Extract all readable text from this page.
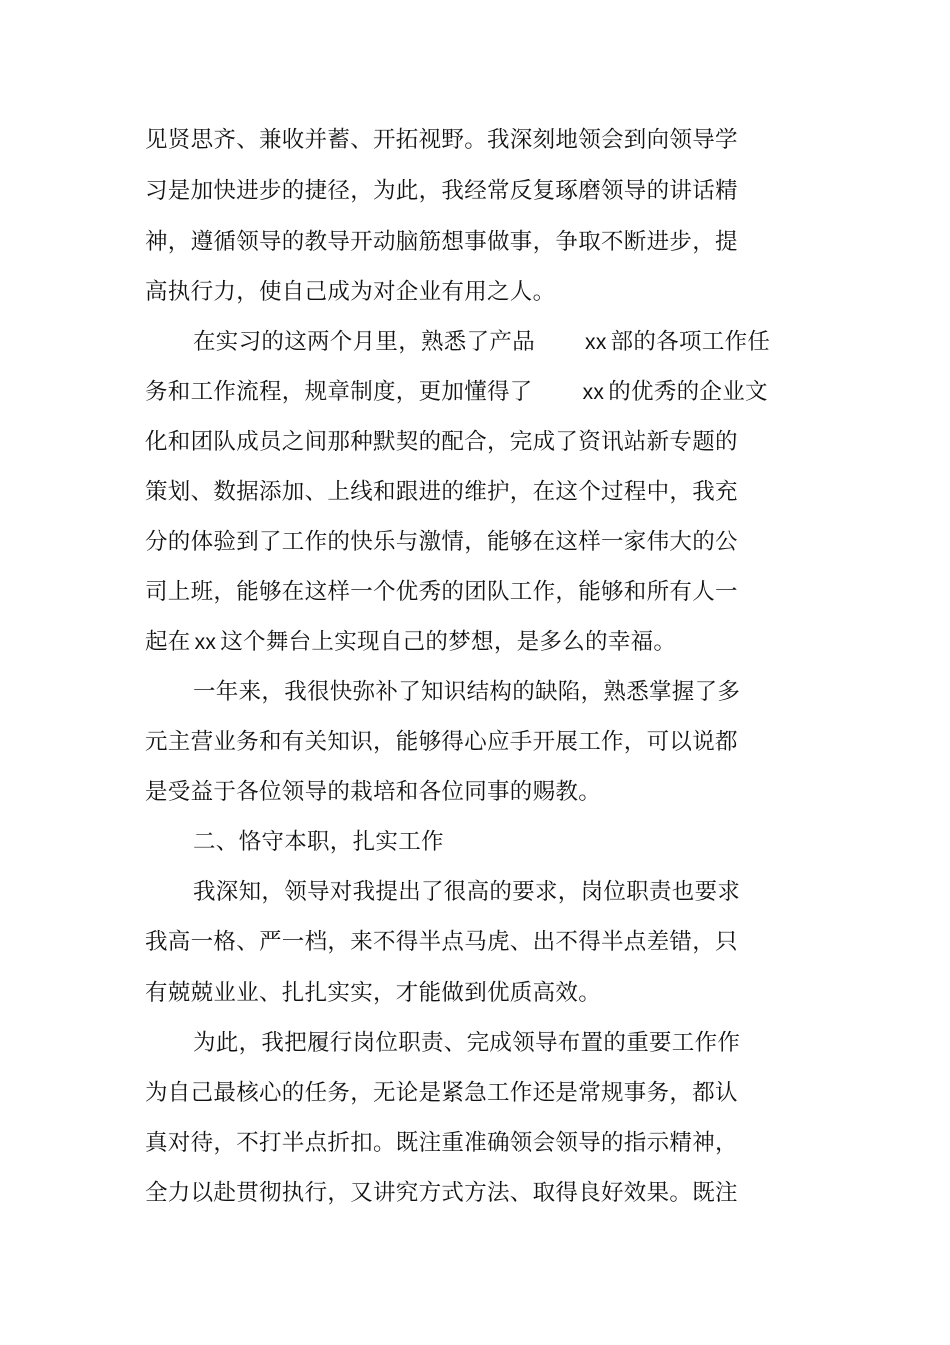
见贤思齐、兼收并蓄、开拓视野。我深刻地领会到向领导学
习是加快进步的捷径，为此，我经常反复琢磨领导的讲话精
神，遵循领导的教导开动脑筋想事做事，争取不断进步，提
高执行力，使自己成为对企业有用之人。
在实习的这两个月里，熟悉了产品 xx 部的各项工作任
务和工作流程，规章制度，更加懂得了 xx 的优秀的企业文
化和团队成员之间那种默契的配合，完成了资讯站新专题的
策划、数据添加、上线和跟进的维护，在这个过程中，我充
分的体验到了工作的快乐与激情，能够在这样一家伟大的公
司上班，能够在这样一个优秀的团队工作，能够和所有人一
起在 xx 这个舞台上实现自己的梦想，是多么的幸福。
一年来，我很快弥补了知识结构的缺陷，熟悉掌握了多
元主营业务和有关知识，能够得心应手开展工作，可以说都
是受益于各位领导的栽培和各位同事的赐教。
二、恪守本职，扎实工作
我深知，领导对我提出了很高的要求，岗位职责也要求
我高一格、严一档，来不得半点马虎、出不得半点差错，只
有兢兢业业、扎扎实实，才能做到优质高效。
为此，我把履行岗位职责、完成领导布置的重要工作作
为自己最核心的任务，无论是紧急工作还是常规事务，都认
真对待，不打半点折扣。既注重准确领会领导的指示精神，
全力以赴贯彻执行，又讲究方式方法、取得良好效果。既注
